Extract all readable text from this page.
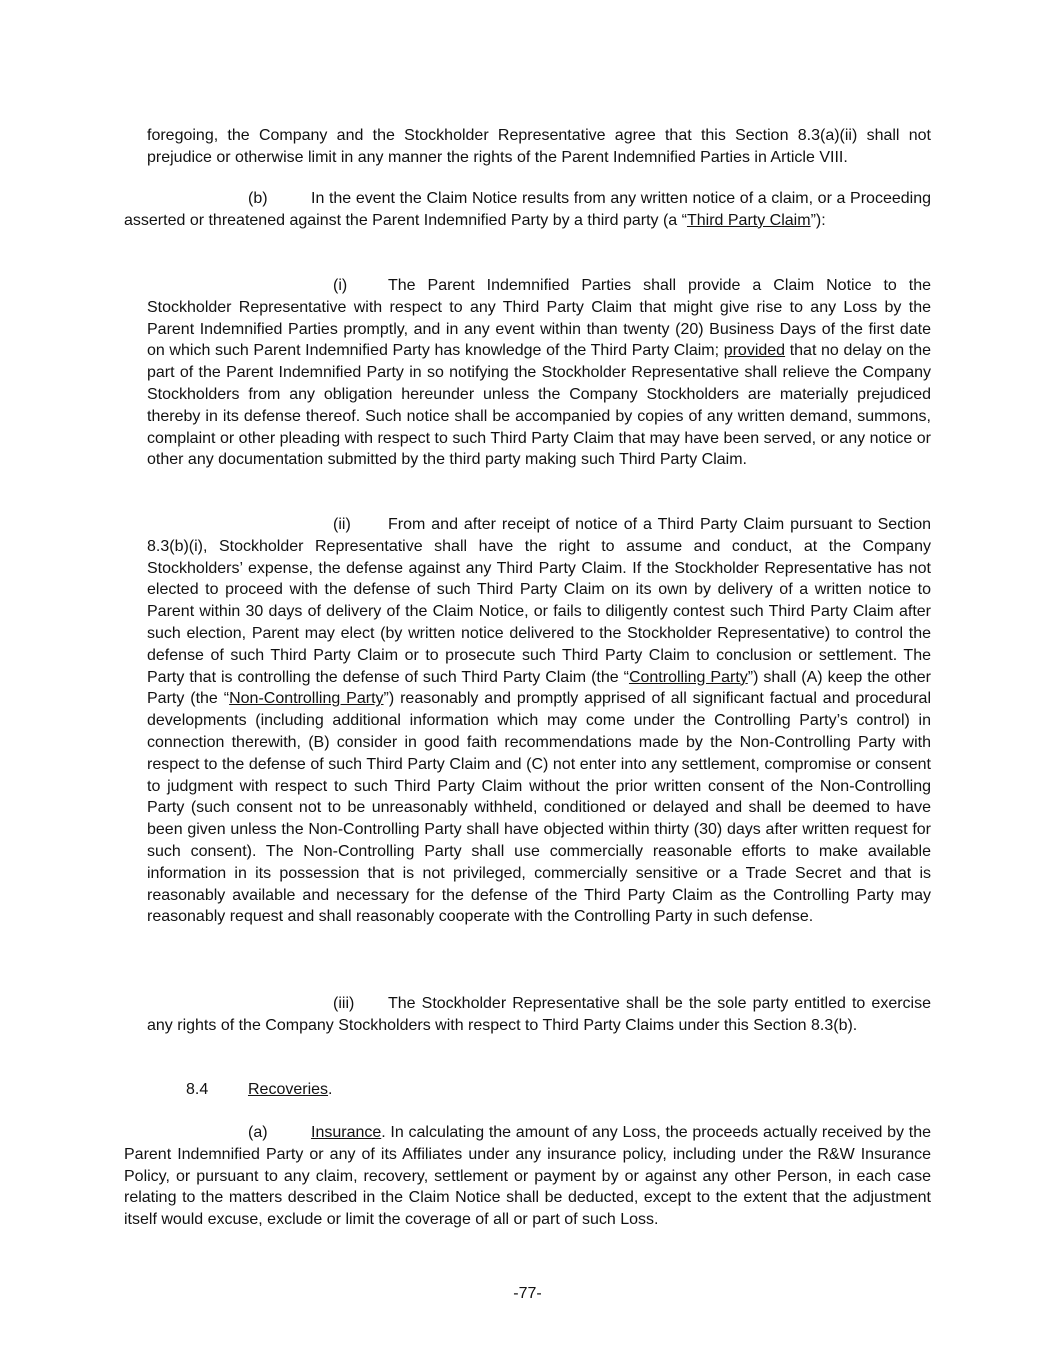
foregoing, the Company and the Stockholder Representative agree that this Section 8.3(a)(ii) shall not prejudice or otherwise limit in any manner the rights of the Parent Indemnified Parties in Article VIII.

(b)	In the event the Claim Notice results from any written notice of a claim, or a Proceeding asserted or threatened against the Parent Indemnified Party by a third party (a “Third Party Claim”):

(i)	The Parent Indemnified Parties shall provide a Claim Notice to the Stockholder Representative with respect to any Third Party Claim that might give rise to any Loss by the Parent Indemnified Parties promptly, and in any event within than twenty (20) Business Days of the first date on which such Parent Indemnified Party has knowledge of the Third Party Claim; provided that no delay on the part of the Parent Indemnified Party in so notifying the Stockholder Representative shall relieve the Company Stockholders from any obligation hereunder unless the Company Stockholders are materially prejudiced thereby in its defense thereof. Such notice shall be accompanied by copies of any written demand, summons, complaint or other pleading with respect to such Third Party Claim that may have been served, or any notice or other any documentation submitted by the third party making such Third Party Claim.

(ii) From and after receipt of notice of a Third Party Claim pursuant to Section 8.3(b)(i), Stockholder Representative shall have the right to assume and conduct, at the Company Stockholders’ expense, the defense against any Third Party Claim. If the Stockholder Representative has not elected to proceed with the defense of such Third Party Claim on its own by delivery of a written notice to Parent within 30 days of delivery of the Claim Notice, or fails to diligently contest such Third Party Claim after such election, Parent may elect (by written notice delivered to the Stockholder Representative) to control the defense of such Third Party Claim or to prosecute such Third Party Claim to conclusion or settlement. The Party that is controlling the defense of such Third Party Claim (the “Controlling Party”) shall (A) keep the other Party (the “Non-Controlling Party”) reasonably and promptly apprised of all significant factual and procedural developments (including additional information which may come under the Controlling Party’s control) in connection therewith, (B) consider in good faith recommendations made by the Non-Controlling Party with respect to the defense of such Third Party Claim and (C) not enter into any settlement, compromise or consent to judgment with respect to such Third Party Claim without the prior written consent of the Non-Controlling Party (such consent not to be unreasonably withheld, conditioned or delayed and shall be deemed to have been given unless the Non-Controlling Party shall have objected within thirty (30) days after written request for such consent). The Non-Controlling Party shall use commercially reasonable efforts to make available information in its possession that is not privileged, commercially sensitive or a Trade Secret and that is reasonably available and necessary for the defense of the Third Party Claim as the Controlling Party may reasonably request and shall reasonably cooperate with the Controlling Party in such defense.

(iii) The Stockholder Representative shall be the sole party entitled to exercise any rights of the Company Stockholders with respect to Third Party Claims under this Section 8.3(b).

8.4 Recoveries.

(a)	Insurance. In calculating the amount of any Loss, the proceeds actually received by the Parent Indemnified Party or any of its Affiliates under any insurance policy, including under the R&W Insurance Policy, or pursuant to any claim, recovery, settlement or payment by or against any other Person, in each case relating to the matters described in the Claim Notice shall be deducted, except to the extent that the adjustment itself would excuse, exclude or limit the coverage of all or part of such Loss.

-77-
